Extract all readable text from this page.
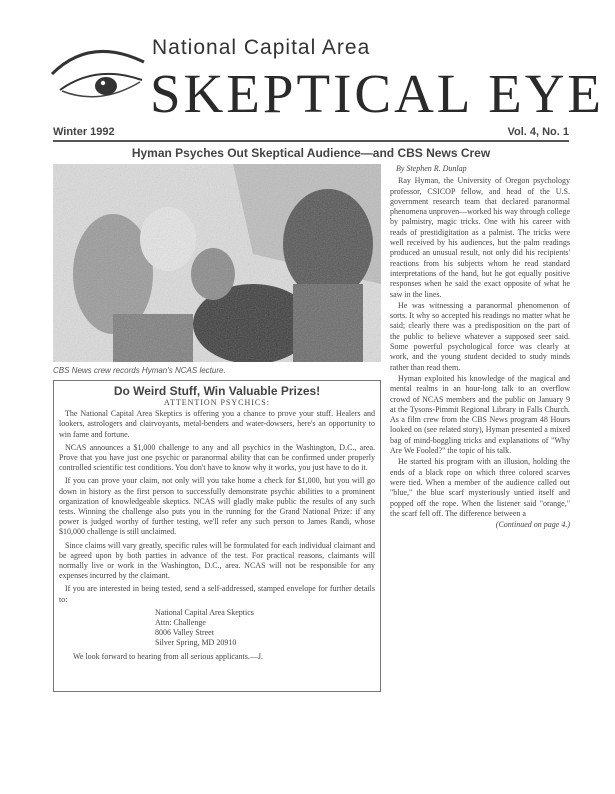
National Capital Area
SKEPTICAL EYE
Winter 1992	Vol. 4, No. 1
Hyman Psyches Out Skeptical Audience—and CBS News Crew
CBS News crew records Hyman's NCAS lecture.
Do Weird Stuff, Win Valuable Prizes!
ATTENTION PSYCHICS:

The National Capital Area Skeptics is offering you a chance to prove your stuff. Healers and lookers, astrologers and clairvoyants, metal-benders and water-dowsers, here's an opportunity to win fame and fortune.

NCAS announces a $1,000 challenge to any and all psychics in the Washington, D.C., area. Prove that you have just one psychic or paranormal ability that can be confirmed under properly controlled scientific test conditions. You don't have to know why it works, you just have to do it.

If you can prove your claim, not only will you take home a check for $1,000, but you will go down in history as the first person to successfully demonstrate psychic abilities to a prominent organization of knowledgeable skeptics. NCAS will gladly make public the results of any such tests. Winning the challenge also puts you in the running for the Grand National Prize: if any power is judged worthy of further testing, we'll refer any such person to James Randi, whose $10,000 challenge is still unclaimed.

Since claims will vary greatly, specific rules will be formulated for each individual claimant and be agreed upon by both parties in advance of the test. For practical reasons, claimants will normally live or work in the Washington, D.C., area. NCAS will not be responsible for any expenses incurred by the claimant.

If you are interested in being tested, send a self-addressed, stamped envelope for further details to:

National Capital Area Skeptics
Attn: Challenge
8006 Valley Street
Silver Spring, MD 20910

We look forward to hearing from all serious applicants.—J.

By Stephen R. Dunlap

Ray Hyman, the University of Oregon psychology professor, CSICOP fellow, and head of the U.S. government research team that declared paranormal phenomena unproven—worked his way through college by palmistry, magic tricks. One with his career with reads of prestidigitation as a palmist. The tricks were well received by his audiences, but the palm readings produced an unusual result, not only did his recipients' reactions from his subjects whom he read standard interpretations of the hand, but he got equally positive responses when he said the exact opposite of what he saw in the lines.

He was witnessing a paranormal phenomenon of sorts. It why so accepted his readings no matter what he said; clearly there was a predisposition on the part of the public to believe whatever a supposed seer said. Some powerful psychological force was clearly at work, and the young student decided to study minds rather than read them.

Hyman exploited his knowledge of the magical and mental realms in an hour-long talk to an overflow crowd of NCAS members and the public on January 9 at the Tysons-Pimmit Regional Library in Falls Church. As a film crew from the CBS News program 48 Hours looked on (see related story), Hyman presented a mixed bag of mind-boggling tricks and explanations of "Why Are We Fooled?" the topic of his talk.

He started his program with an illusion, holding the ends of a black rope on which three colored scarves were tied. When a member of the audience called out "blue," the blue scarf mysteriously untied itself and popped off the rope. When the listener said "orange," the scarf fell off. The difference between a

(Continued on page 4.)
